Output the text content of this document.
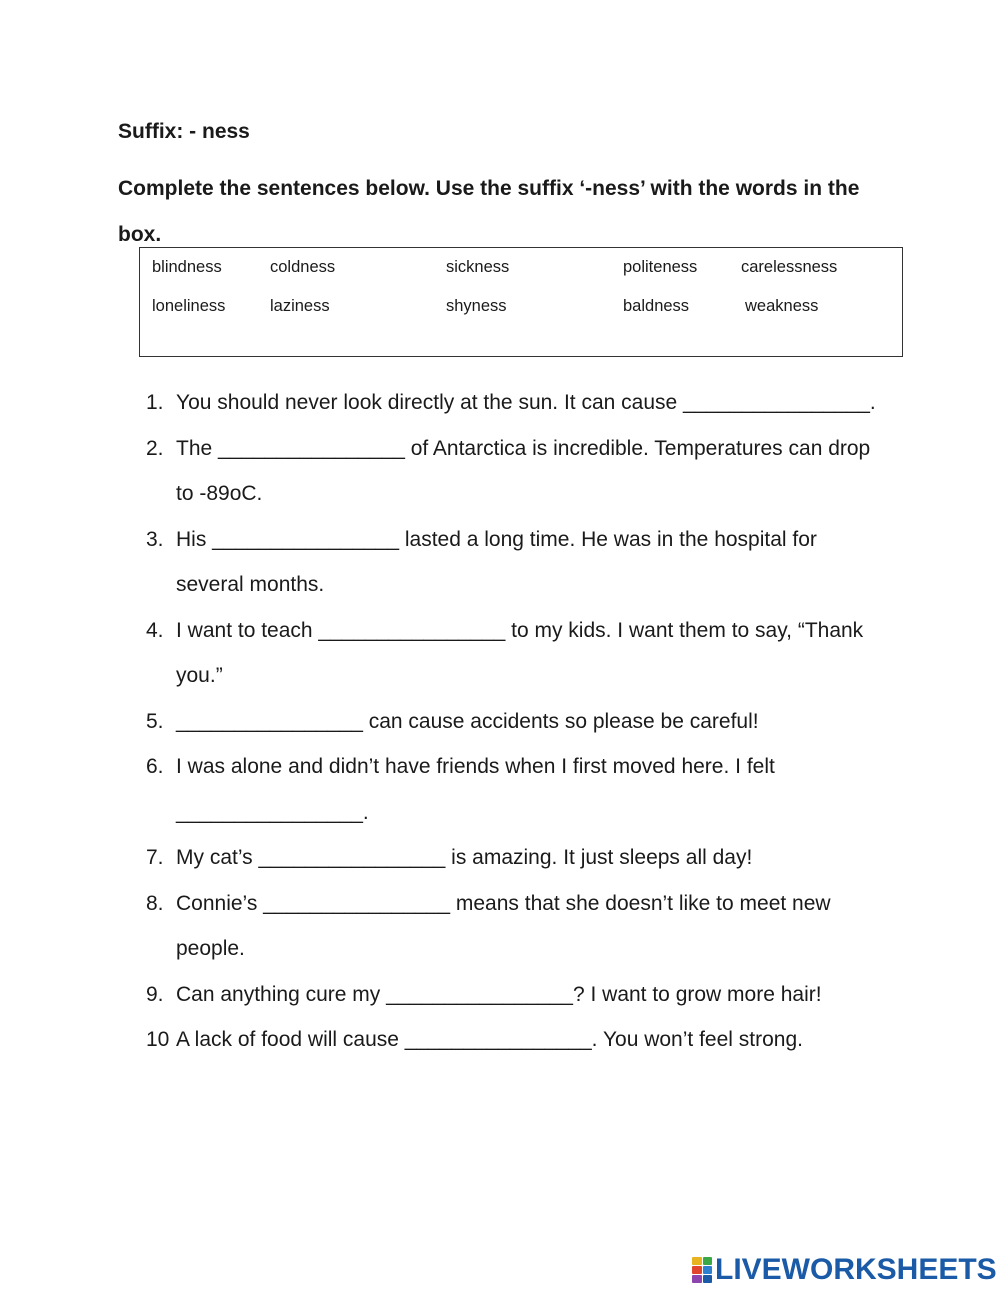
Suffix: - ness

Complete the sentences below. Use the suffix ‘-ness’ with the words in the box.

blindness	coldness	sickness	politeness	carelessness
loneliness	laziness	shyness	baldness	weakness
1. You should never look directly at the sun. It can cause ________________.
2. The ________________ of Antarctica is incredible. Temperatures can drop to -89oC.
3. His ________________ lasted a long time. He was in the hospital for several months.
4. I want to teach ________________ to my kids. I want them to say, “Thank you.”
5. ________________ can cause accidents so please be careful!
6. I was alone and didn’t have friends when I first moved here. I felt ________________.
7. My cat’s ________________ is amazing. It just sleeps all day!
8. Connie’s ________________ means that she doesn’t like to meet new people.
9. Can anything cure my ________________? I want to grow more hair!
10 A lack of food will cause ________________. You won’t feel strong.
LIVEWORKSHEETS
